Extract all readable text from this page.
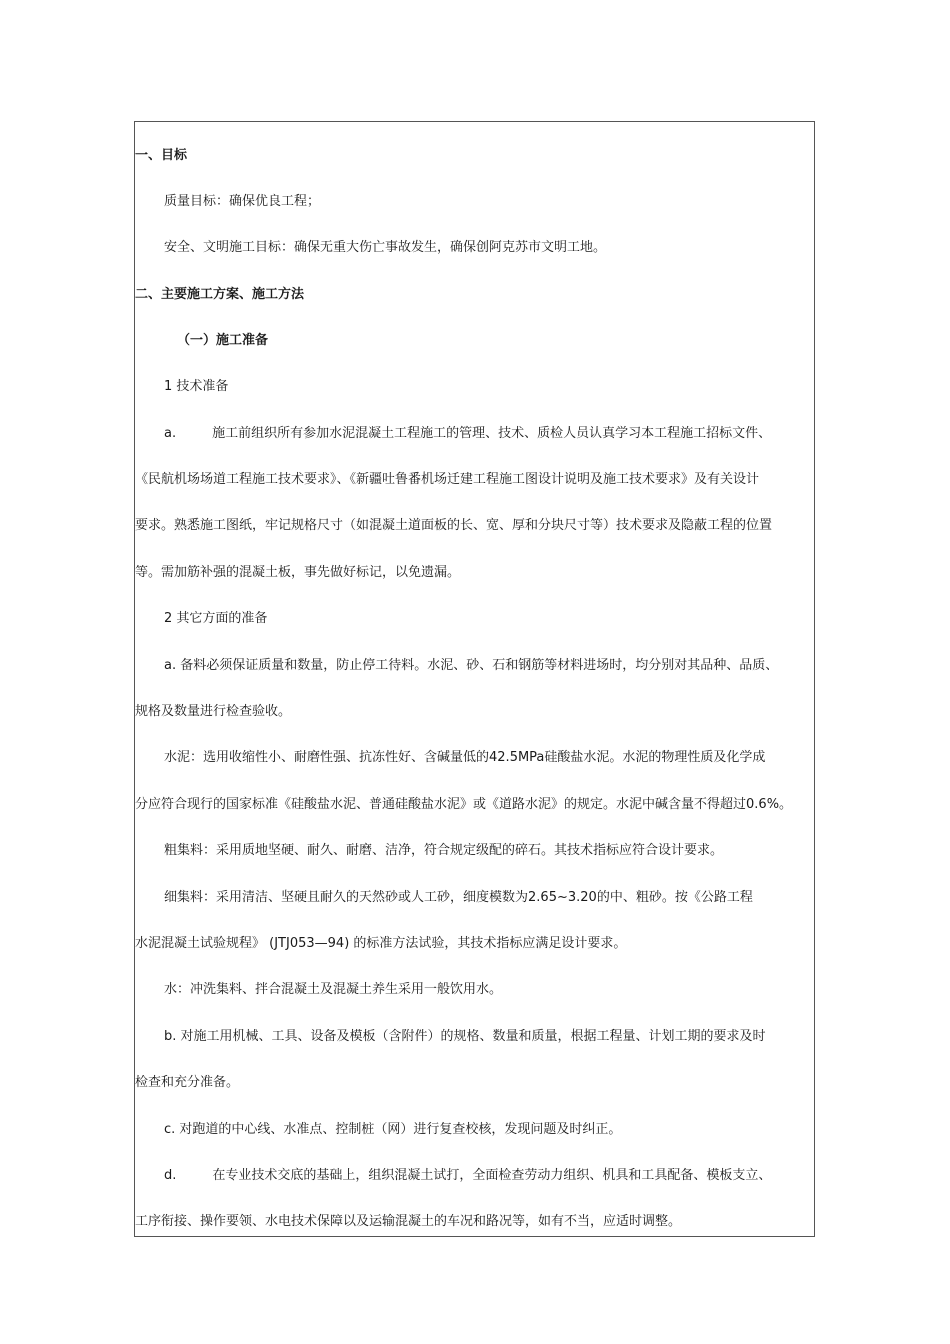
一、目标

质量目标：确保优良工程；

安全、文明施工目标：确保无重大伤亡事故发生，确保创阿克苏市文明工地。

二、主要施工方案、施工方法

（一）施工准备

1 技术准备

a.	施工前组织所有参加水泥混凝土工程施工的管理、技术、质检人员认真学习本工程施工招标文件、

《民航机场场道工程施工技术要求》、《新疆吐鲁番机场迁建工程施工图设计说明及施工技术要求》及有关设计

要求。熟悉施工图纸，牢记规格尺寸（如混凝土道面板的长、宽、厚和分块尺寸等）技术要求及隐蔽工程的位置

等。需加筋补强的混凝土板，事先做好标记，以免遗漏。

2 其它方面的准备

a. 备料必须保证质量和数量，防止停工待料。水泥、砂、石和钢筋等材料进场时，均分别对其品种、品质、

规格及数量进行检查验收。

水泥：选用收缩性小、耐磨性强、抗冻性好、含碱量低的42.5MPa硅酸盐水泥。水泥的物理性质及化学成

分应符合现行的国家标准《硅酸盐水泥、普通硅酸盐水泥》或《道路水泥》的规定。水泥中碱含量不得超过0.6%。

粗集料：采用质地坚硬、耐久、耐磨、洁净，符合规定级配的碎石。其技术指标应符合设计要求。

细集料：采用清洁、坚硬且耐久的天然砂或人工砂，细度模数为2.65~3.20的中、粗砂。按《公路工程

水泥混凝土试验规程》 (JTJ053—94) 的标准方法试验，其技术指标应满足设计要求。

水：冲洗集料、拌合混凝土及混凝土养生采用一般饮用水。

b. 对施工用机械、工具、设备及模板（含附件）的规格、数量和质量，根据工程量、计划工期的要求及时

检查和充分准备。

c. 对跑道的中心线、水准点、控制桩（网）进行复查校核，发现问题及时纠正。

d.	在专业技术交底的基础上，组织混凝土试打，全面检查劳动力组织、机具和工具配备、模板支立、

工序衔接、操作要领、水电技术保障以及运输混凝土的车况和路况等，如有不当，应适时调整。
